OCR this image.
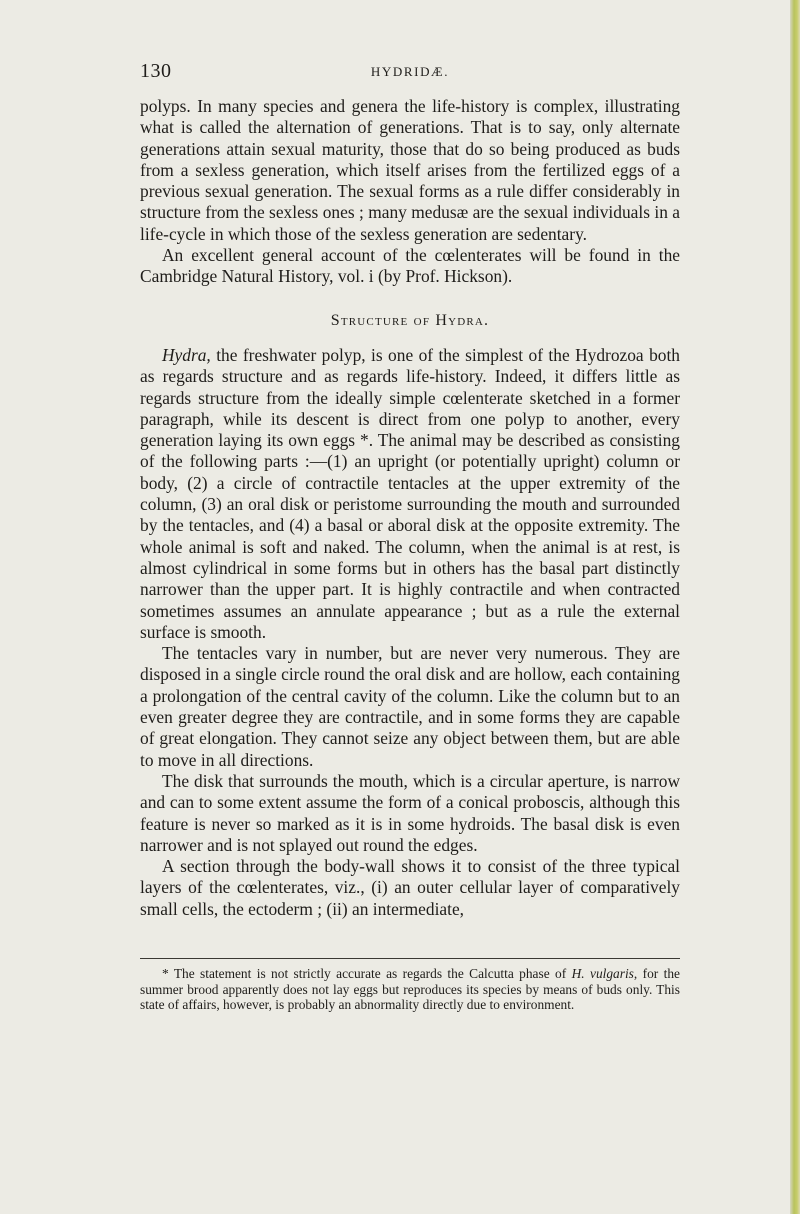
130	HYDRIDÆ.

polyps. In many species and genera the life-history is complex, illustrating what is called the alternation of generations. That is to say, only alternate generations attain sexual maturity, those that do so being produced as buds from a sexless generation, which itself arises from the fertilized eggs of a previous sexual generation. The sexual forms as a rule differ considerably in structure from the sexless ones ; many medusæ are the sexual individuals in a life-cycle in which those of the sexless generation are sedentary.

An excellent general account of the cœlenterates will be found in the Cambridge Natural History, vol. i (by Prof. Hickson).

Structure of Hydra.

Hydra, the freshwater polyp, is one of the simplest of the Hydrozoa both as regards structure and as regards life-history. Indeed, it differs little as regards structure from the ideally simple cœlenterate sketched in a former paragraph, while its descent is direct from one polyp to another, every generation laying its own eggs *. The animal may be described as consisting of the following parts :—(1) an upright (or potentially upright) column or body, (2) a circle of contractile tentacles at the upper extremity of the column, (3) an oral disk or peristome surrounding the mouth and surrounded by the tentacles, and (4) a basal or aboral disk at the opposite extremity. The whole animal is soft and naked. The column, when the animal is at rest, is almost cylindrical in some forms but in others has the basal part distinctly narrower than the upper part. It is highly contractile and when contracted sometimes assumes an annulate appearance ; but as a rule the external surface is smooth.

The tentacles vary in number, but are never very numerous. They are disposed in a single circle round the oral disk and are hollow, each containing a prolongation of the central cavity of the column. Like the column but to an even greater degree they are contractile, and in some forms they are capable of great elongation. They cannot seize any object between them, but are able to move in all directions.

The disk that surrounds the mouth, which is a circular aperture, is narrow and can to some extent assume the form of a conical proboscis, although this feature is never so marked as it is in some hydroids. The basal disk is even narrower and is not splayed out round the edges.

A section through the body-wall shows it to consist of the three typical layers of the cœlenterates, viz., (i) an outer cellular layer of comparatively small cells, the ectoderm ; (ii) an intermediate,

* The statement is not strictly accurate as regards the Calcutta phase of H. vulgaris, for the summer brood apparently does not lay eggs but reproduces its species by means of buds only. This state of affairs, however, is probably an abnormality directly due to environment.
